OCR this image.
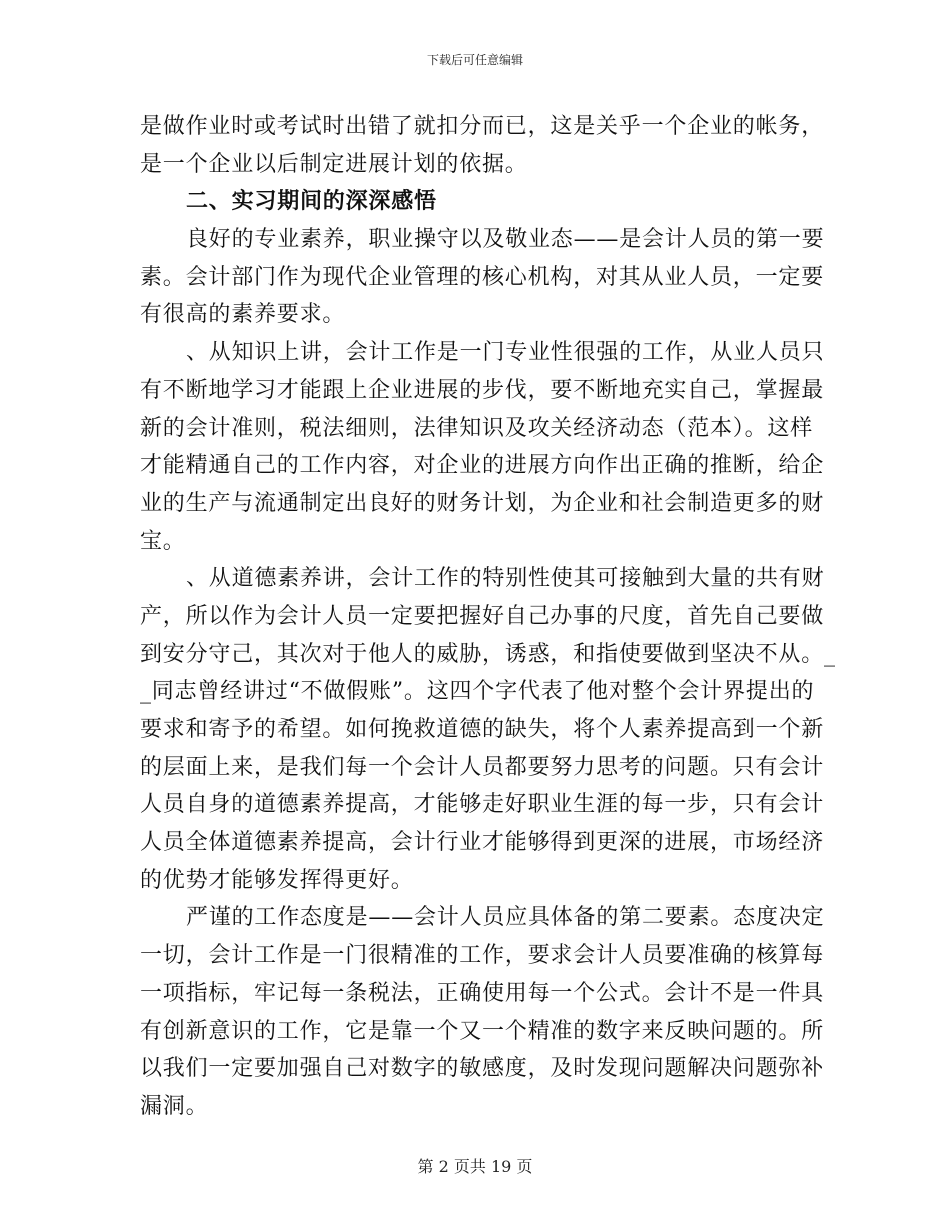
下载后可任意编辑
是做作业时或考试时出错了就扣分而已，这是关乎一个企业的帐务，
是一个企业以后制定进展计划的依据。
二、实习期间的深深感悟
良好的专业素养，职业操守以及敬业态——是会计人员的第一要
素。会计部门作为现代企业管理的核心机构，对其从业人员，一定要
有很高的素养要求。
、从知识上讲，会计工作是一门专业性很强的工作，从业人员只
有不断地学习才能跟上企业进展的步伐，要不断地充实自己，掌握最
新的会计准则，税法细则，法律知识及攻关经济动态（范本）。这样
才能精通自己的工作内容，对企业的进展方向作出正确的推断，给企
业的生产与流通制定出良好的财务计划，为企业和社会制造更多的财
宝。
、从道德素养讲，会计工作的特别性使其可接触到大量的共有财
产，所以作为会计人员一定要把握好自己办事的尺度，首先自己要做
到安分守己，其次对于他人的威胁，诱惑，和指使要做到坚决不从。_
_同志曾经讲过“不做假账”。这四个字代表了他对整个会计界提出的
要求和寄予的希望。如何挽救道德的缺失，将个人素养提高到一个新
的层面上来，是我们每一个会计人员都要努力思考的问题。只有会计
人员自身的道德素养提高，才能够走好职业生涯的每一步，只有会计
人员全体道德素养提高，会计行业才能够得到更深的进展，市场经济
的优势才能够发挥得更好。
严谨的工作态度是——会计人员应具体备的第二要素。态度决定
一切，会计工作是一门很精准的工作，要求会计人员要准确的核算每
一项指标，牢记每一条税法，正确使用每一个公式。会计不是一件具
有创新意识的工作，它是靠一个又一个精准的数字来反映问题的。所
以我们一定要加强自己对数字的敏感度，及时发现问题解决问题弥补
漏洞。
第 2 页共 19 页
